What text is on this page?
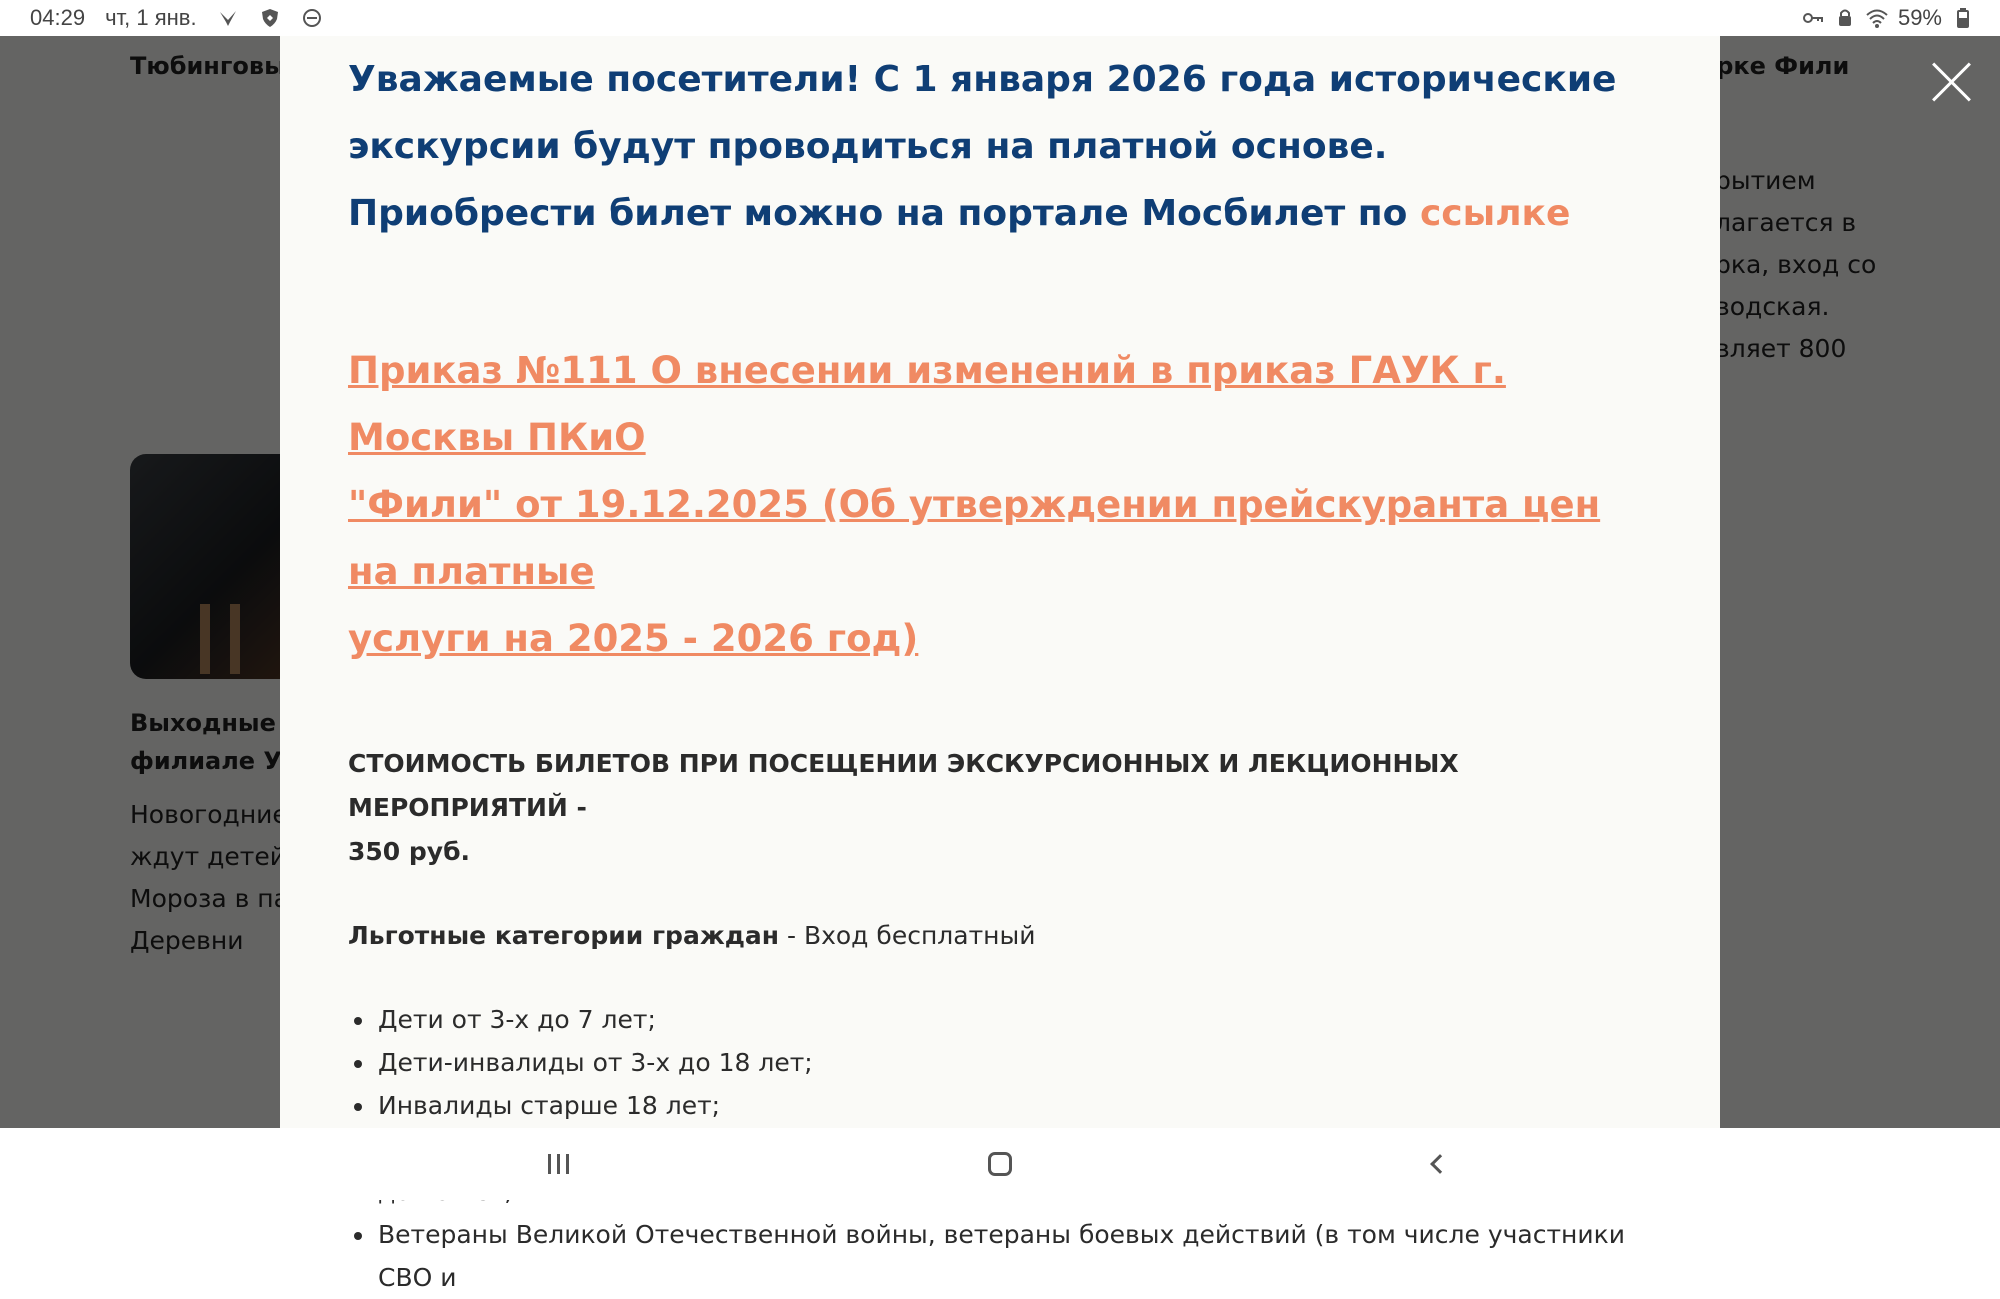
04:29 чт, 1 янв.	59%
Уважаемые посетители! С 1 января 2026 года исторические
экскурсии будут проводиться на платной основе.
Приобрести билет можно на портале Мосбилет по ссылке
Приказ №111 О внесении изменений в приказ ГАУК г. Москвы ПКиО
"Фили" от 19.12.2025 (Об утверждении прейскуранта цен на платные
услуги на 2025 - 2026 год)
СТОИМОСТЬ БИЛЕТОВ ПРИ ПОСЕЩЕНИИ ЭКСКУРСИОННЫХ И ЛЕКЦИОННЫХ МЕРОПРИЯТИЙ -
350 руб.
Льготные категории граждан - Вход бесплатный
Дети от 3-х до 7 лет;
Дети-инвалиды от 3-х до 18 лет;
Инвалиды старше 18 лет;
Ветераны Великой Отечественной войны, ветераны боевых действий (в том числе участники СВО и
